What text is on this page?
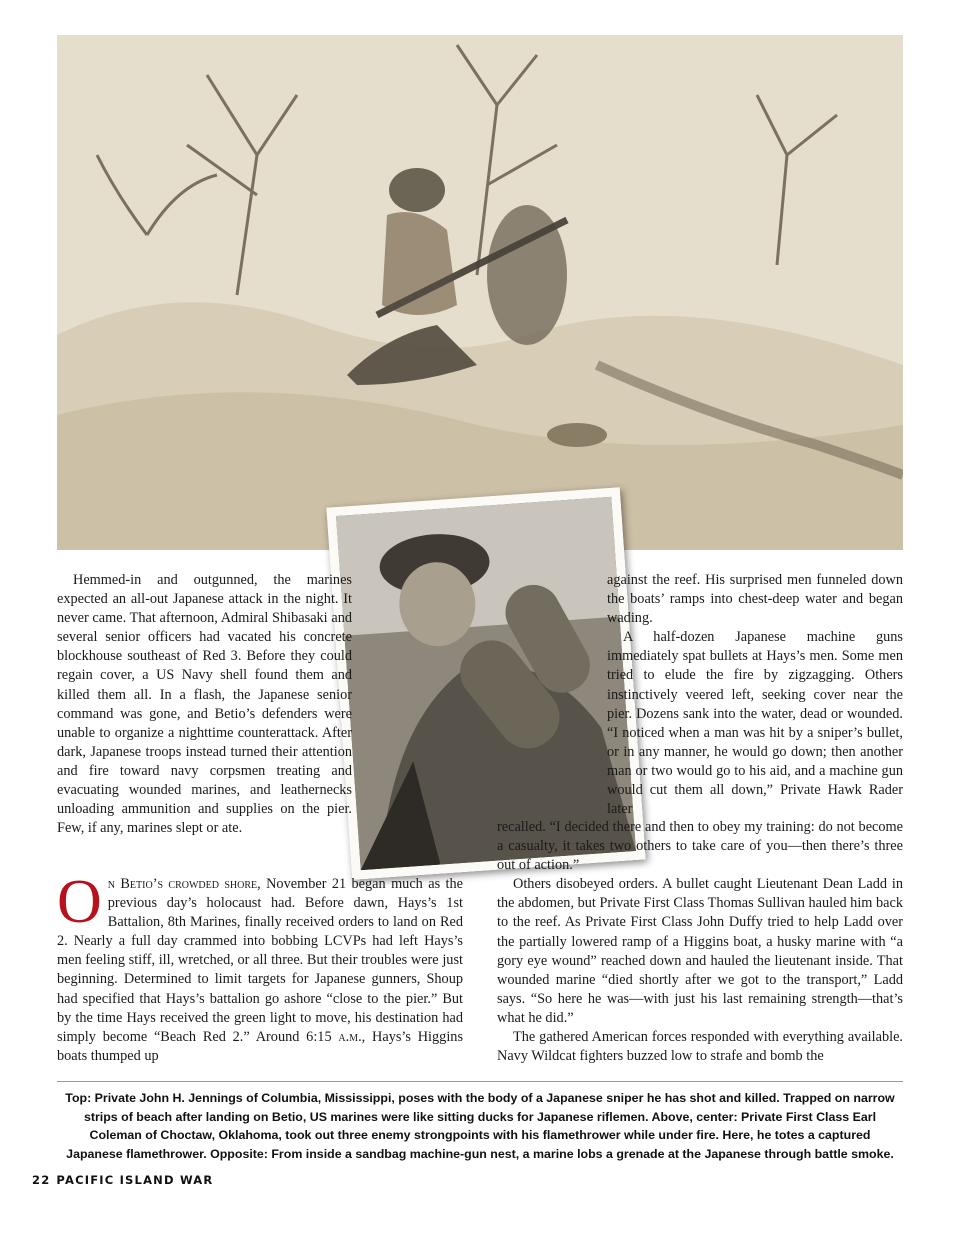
Hemmed-in and outgunned, the marines expected an all-out Japanese attack in the night. It never came. That afternoon, Admiral Shibasaki and several senior officers had vacated his concrete blockhouse southeast of Red 3. Before they could regain cover, a US Navy shell found them and killed them all. In a flash, the Japanese senior command was gone, and Betio’s defenders were unable to organize a nighttime counterattack. After dark, Japanese troops instead turned their attention and fire toward navy corpsmen treating and evacuating wounded marines, and leathernecks unloading ammunition and supplies on the pier. Few, if any, marines slept or ate.

On Betio’s crowded shore, November 21 began much as the previous day’s holocaust had. Before dawn, Hays’s 1st Battalion, 8th Marines, finally received orders to land on Red 2. Nearly a full day crammed into bobbing LCVPs had left Hays’s men feeling stiff, ill, wretched, or all three. But their troubles were just beginning. Determined to limit targets for Japanese gunners, Shoup had specified that Hays’s battalion go ashore “close to the pier.” But by the time Hays received the green light to move, his destination had simply become “Beach Red 2.” Around 6:15 a.m., Hays’s Higgins boats thumped up

against the reef. His surprised men funneled down the boats’ ramps into chest-deep water and began wading.

A half-dozen Japanese machine guns immediately spat bullets at Hays’s men. Some men tried to elude the fire by zigzagging. Others instinctively veered left, seeking cover near the pier. Dozens sank into the water, dead or wounded. “I noticed when a man was hit by a sniper’s bullet, or in any manner, he would go down; then another man or two would go to his aid, and a machine gun would cut them all down,” Private Hawk Rader later

recalled. “I decided there and then to obey my training: do not become a casualty, it takes two others to take care of you—then there’s three out of action.”

Others disobeyed orders. A bullet caught Lieutenant Dean Ladd in the abdomen, but Private First Class Thomas Sullivan hauled him back to the reef. As Private First Class John Duffy tried to help Ladd over the partially lowered ramp of a Higgins boat, a husky marine with “a gory eye wound” reached down and hauled the lieutenant inside. That wounded marine “died shortly after we got to the transport,” Ladd says. “So here he was—with just his last remaining strength—that’s what he did.”

The gathered American forces responded with everything available. Navy Wildcat fighters buzzed low to strafe and bomb the

Top: Private John H. Jennings of Columbia, Mississippi, poses with the body of a Japanese sniper he has shot and killed. Trapped on narrow strips of beach after landing on Betio, US marines were like sitting ducks for Japanese riflemen. Above, center: Private First Class Earl Coleman of Choctaw, Oklahoma, took out three enemy strongpoints with his flamethrower while under fire. Here, he totes a captured Japanese flamethrower. Opposite: From inside a sandbag machine-gun nest, a marine lobs a grenade at the Japanese through battle smoke.
22 PACIFIC ISLAND WAR
